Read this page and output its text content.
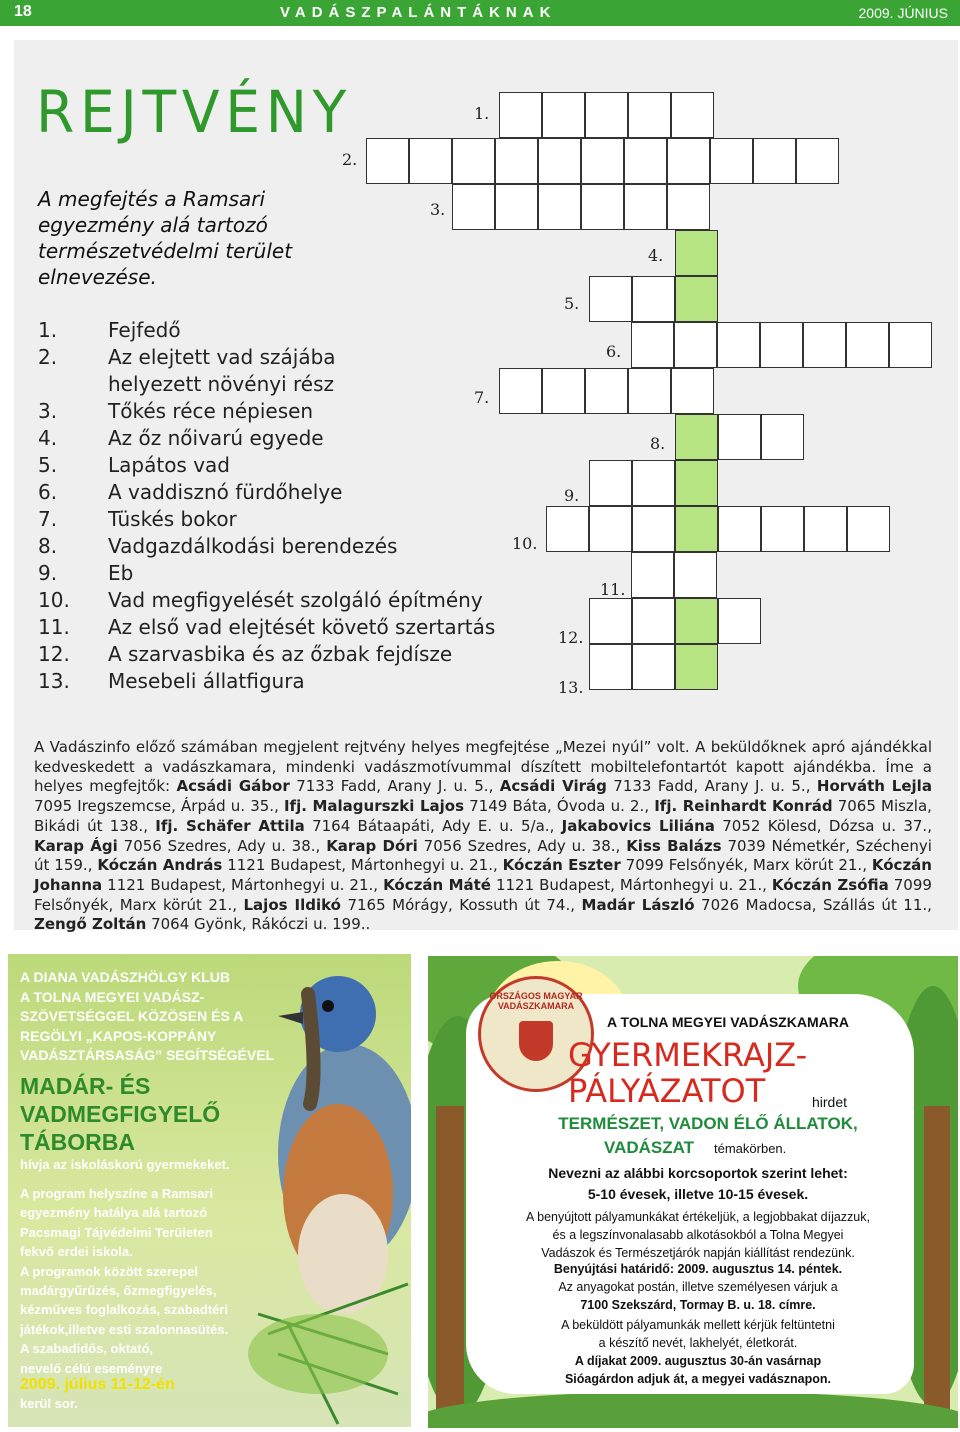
18	VADÁSZPALÁNTÁKNAK	2009. JÚNIUS
REJTVÉNY
A megfejtés a Ramsari egyezmény alá tartozó természetvédelmi terület elnevezése.
1.	Fejfedő
2.	Az elejtett vad szájába
helyezett növényi rész
3.	Tőkés réce népiesen
4.	Az őz nőivarú egyede
5.	Lapátos vad
6.	A vaddisznó fürdőhelye
7.	Tüskés bokor
8.	Vadgazdálkodási berendezés
9.	Eb
10. Vad megfigyelését szolgáló építmény
11. Az első vad elejtését követő szertartás
12. A szarvasbika és az őzbak fejdísze
13. Mesebeli állatfigura
1.
2.
3.
4.
5.
6.
7.
8.
9.
10.
11.
12.
13.
A Vadászinfo előző számában megjelent rejtvény helyes megfejtése „Mezei nyúl” volt. A beküldőknek apró ajándékkal kedveskedett a vadászkamara, mindenki vadászmotívummal díszített mobiltelefontartót kapott ajándékba. Íme a helyes megfejtők: Acsádi Gábor 7133 Fadd, Arany J. u. 5., Acsádi Virág 7133 Fadd, Arany J. u. 5., Horváth Lejla 7095 Iregszemcse, Árpád u. 35., Ifj. Malagurszki Lajos 7149 Báta, Óvoda u. 2., Ifj. Reinhardt Konrád 7065 Miszla, Bikádi út 138., Ifj. Schäfer Attila 7164 Bátaapáti, Ady E. u. 5/a., Jakabovics Liliána 7052 Kölesd, Dózsa u. 37., Karap Ági 7056 Szedres, Ady u. 38., Karap Dóri 7056 Szedres, Ady u. 38., Kiss Balázs 7039 Németkér, Széchenyi út 159., Kóczán András 1121 Budapest, Mártonhegyi u. 21., Kóczán Eszter 7099 Felsőnyék, Marx körút 21., Kóczán Johanna 1121 Budapest, Mártonhegyi u. 21., Kóczán Máté 1121 Budapest, Mártonhegyi u. 21., Kóczán Zsófia 7099 Felsőnyék, Marx körút 21., Lajos Ildikó 7165 Mórágy, Kossuth út 74., Madár László 7026 Madocsa, Szállás út 11., Zengő Zoltán 7064 Gyönk, Rákóczi u. 199..
A DIANA VADÁSZHÖLGY KLUB
A TOLNA MEGYEI VADÁSZ-
SZÖVETSÉGGEL KÖZÖSEN ÉS A
REGÖLYI „KAPOS-KOPPÁNY
VADÁSZTÁRSASÁG” SEGÍTSÉGÉVEL
MADÁR- ÉS
VADMEGFIGYELŐ
TÁBORBA
hívja az iskoláskorú gyermekeket.
A program helyszíne a Ramsari
egyezmény hatálya alá tartozó
Pacsmagi Tájvédelmi Területen
fekvő erdei iskola.
A programok között szerepel
madárgyűrűzés, őzmegfigyelés,
kézműves foglalkozás, szabadtéri
játékok,illetve esti szalonnasütés.
A szabadidős, oktató,
nevelő célú eseményre
2009. július 11-12-én
kerül sor.
ORSZÁGOS MAGYAR VADÁSZKAMARA
A TOLNA MEGYEI VADÁSZKAMARA
GYERMEKRAJZ-
PÁLYÁZATOT	hirdet
TERMÉSZET, VADON ÉLŐ ÁLLATOK,
VADÁSZAT témakörben.
Nevezni az alábbi korcsoportok szerint lehet:
5-10 évesek, illetve 10-15 évesek.
A benyújtott pályamunkákat értékeljük, a legjobbakat díjazzuk,
és a legszínvonalasabb alkotásokból a Tolna Megyei
Vadászok és Természetjárók napján kiállítást rendezünk.
Benyújtási határidő: 2009. augusztus 14. péntek.
Az anyagokat postán, illetve személyesen várjuk a
7100 Szekszárd, Tormay B. u. 18. címre.
A beküldött pályamunkák mellett kérjük feltüntetni
a készítő nevét, lakhelyét, életkorát.
A díjakat 2009. augusztus 30-án vasárnap
Sióagárdon adjuk át, a megyei vadásznapon.
